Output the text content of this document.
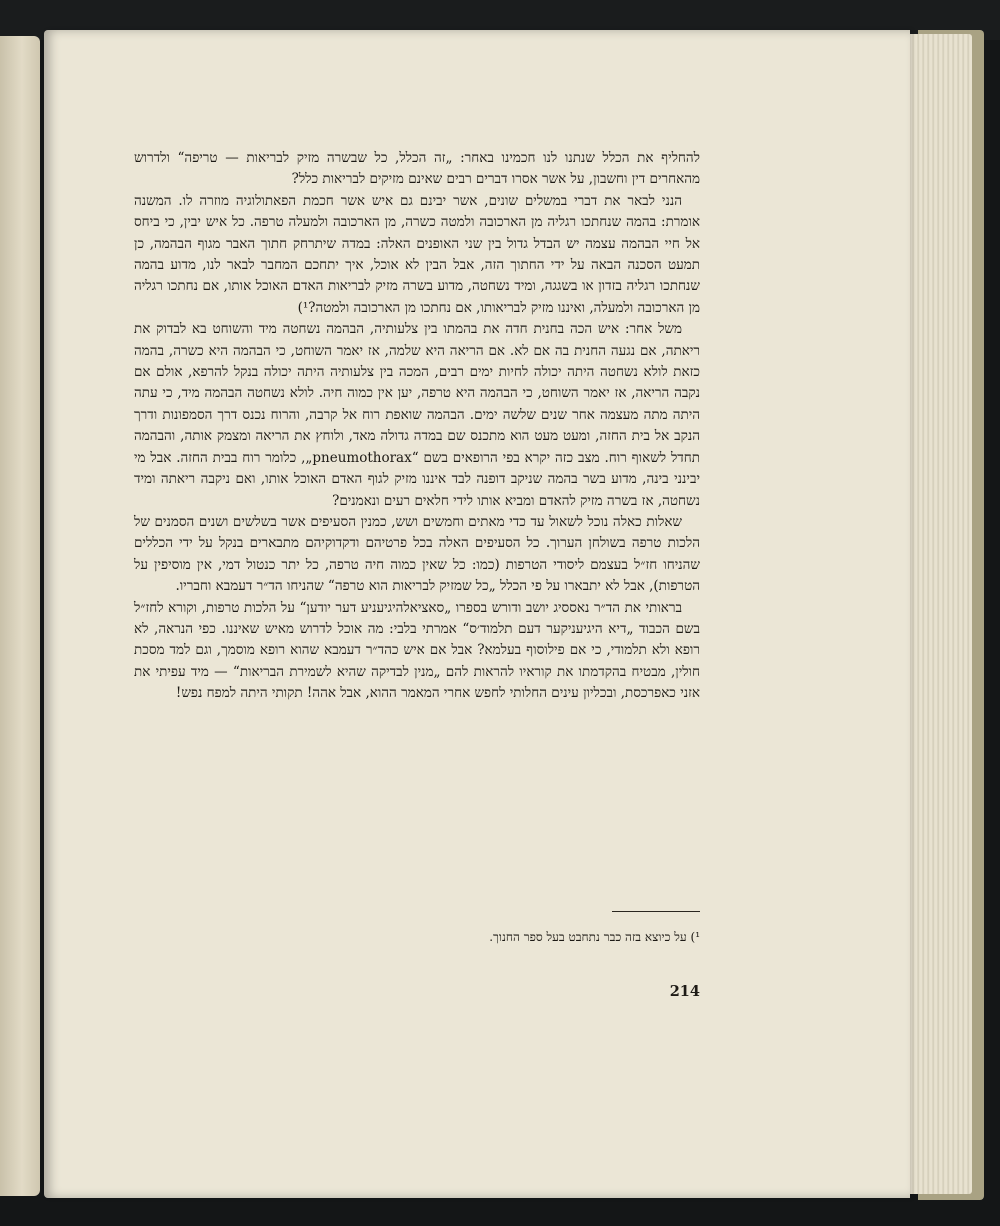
להחליף את הכלל שנתנו לנו חכמינו באחר: „זה הכלל, כל שבשרה מזיק לבריאות — טריפה“ ולדרוש מהאחרים דין וחשבון, על אשר אסרו דברים רבים שאינם מזיקים לבריאות כלל?

הנני לבאר את דברי במשלים שונים, אשר יבינם גם איש אשר חכמת הפאתולוגיה מוזרה לו. המשנה אומרת: בהמה שנחתכו רגליה מן הארכובה ולמטה כשרה, מן הארכובה ולמעלה טרפה. כל איש יבין, כי ביחס אל חיי הבהמה עצמה יש הבדל גדול בין שני האופנים האלה: במדה שיתרחק חתוך האבר מגוף הבהמה, כן תמעט הסכנה הבאה על ידי החתוך הזה, אבל הבין לא אוכל, איך יתחכם המחבר לבאר לנו, מדוע בהמה שנחתכו רגליה בזדון או בשגגה, ומיד נשחטה, מדוע בשרה מזיק לבריאות האדם האוכל אותו, אם נחתכו רגליה מן הארכובה ולמעלה, ואיננו מזיק לבריאותו, אם נחתכו מן הארכובה ולמטה?¹)

משל אחר: איש הכה בחנית חדה את בהמתו בין צלעותיה, הבהמה נשחטה מיד והשוחט בא לבדוק את ריאתה, אם נגעה החנית בה אם לא. אם הריאה היא שלמה, אז יאמר השוחט, כי הבהמה היא כשרה, בהמה כזאת לולא נשחטה היתה יכולה לחיות ימים רבים, המכה בין צלעותיה היתה יכולה בנקל להרפא, אולם אם נקבה הריאה, אז יאמר השוחט, כי הבהמה היא טרפה, יען אין כמוה חיה. לולא נשחטה הבהמה מיד, כי עתה היתה מתה מעצמה אחר שנים שלשה ימים. הבהמה שואפת רוח אל קרבה, והרוח נכנס דרך הסמפונות ודרך הנקב אל בית החזה, ומעט מעט הוא מתכנס שם במדה גדולה מאד, ולוחץ את הריאה ומצמק אותה, והבהמה תחדל לשאוף רוח. מצב כזה יקרא בפי הרופאים בשם “pneumothorax„, כלומר רוח בבית החזה. אבל מי יבינני בינה, מדוע בשר בהמה שניקב דופנה לבד איננו מזיק לגוף האדם האוכל אותו, ואם ניקבה ריאתה ומיד נשחטה, אז בשרה מזיק להאדם ומביא אותו לידי חלאים רעים ונאמנים?

שאלות כאלה נוכל לשאול עד כדי מאתים וחמשים ושש, כמנין הסעיפים אשר בשלשים ושנים הסמנים של הלכות טרפה בשולחן הערוך. כל הסעיפים האלה בכל פרטיהם ודקדוקיהם מתבארים בנקל על ידי הכללים שהניחו חז״ל בעצמם ליסודי הטרפות (כמו: כל שאין כמוה חיה טרפה, כל יתר כנטול דמי, אין מוסיפין על הטרפות), אבל לא יתבארו על פי הכלל „כל שמזיק לבריאות הוא טרפה“ שהניחו הד״ר דעמבא וחבריו.

בראותי את הד״ר נאססיג יושב ודורש בספרו „סאציאלהיגיעניע דער יודען“ על הלכות טרפות, וקורא לחז״ל בשם הכבוד „דיא היגיעניקער דעם תלמוד׳ס“ אמרתי בלבי: מה אוכל לדרוש מאיש שאיננו. כפי הנראה, לא רופא ולא תלמודי, כי אם פילוסוף בעלמא? אבל אם איש כהד״ר דעמבא שהוא רופא מוסמך, וגם למד מסכת חולין, מבטיח בהקדמתו את קוראיו להראות להם „מנין לבדיקה שהיא לשמירת הבריאות“ — מיד עפיתי את אזני כאפרכסת, ובכליון עינים החלותי לחפש אחרי המאמר ההוא, אבל אהה! תקותי היתה למפח נפש!

¹) על כיוצא בזה כבר נתחבט בעל ספר החנוך.
214
